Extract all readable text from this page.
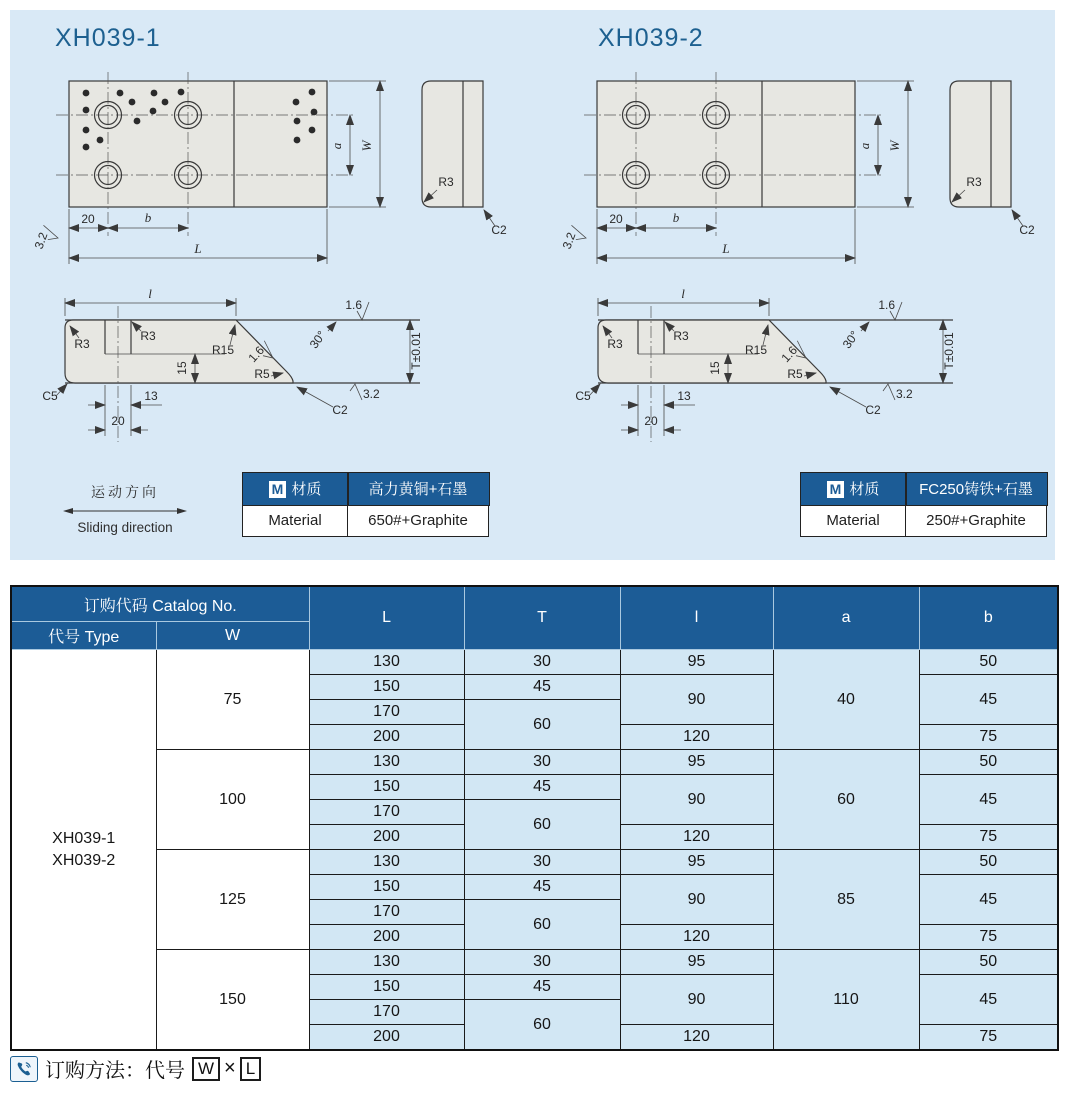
XH039-1	XH039-2
W
a
20	b
L
3.2
R3
C2
W
a
20	b
L
3.2
R3
C2
l
R3
R3
R15
C5
R5
C2
15
13
20
1.6
1.6
3.2
30°	T±0.01
l
R3
R3
R15
C5
R5
C2
15
13
20
1.6
1.6
3.2
30°	T±0.01
运动方向
Sliding direction
M 材质	高力黄铜+石墨
Material	650#+Graphite
M 材质	FC250铸铁+石墨
Material	250#+Graphite
订购代码 Catalog No.		L	T	l	a	b
代号 Type	W					

XH039-1
XH039-2	75	130	30	95	40	50
		150	45	90		45
		170	60			
		200		120		75
	100	130	30	95	60	50
		150	45	90		45
		170	60			
		200		120		75
	125	130	30	95	85	50
		150	45	90		45
		170	60			
		200		120		75
	150	130	30	95	110	50
		150	45	90		45
		170	60			
		200		120		75
订购方法：代号 W × L
